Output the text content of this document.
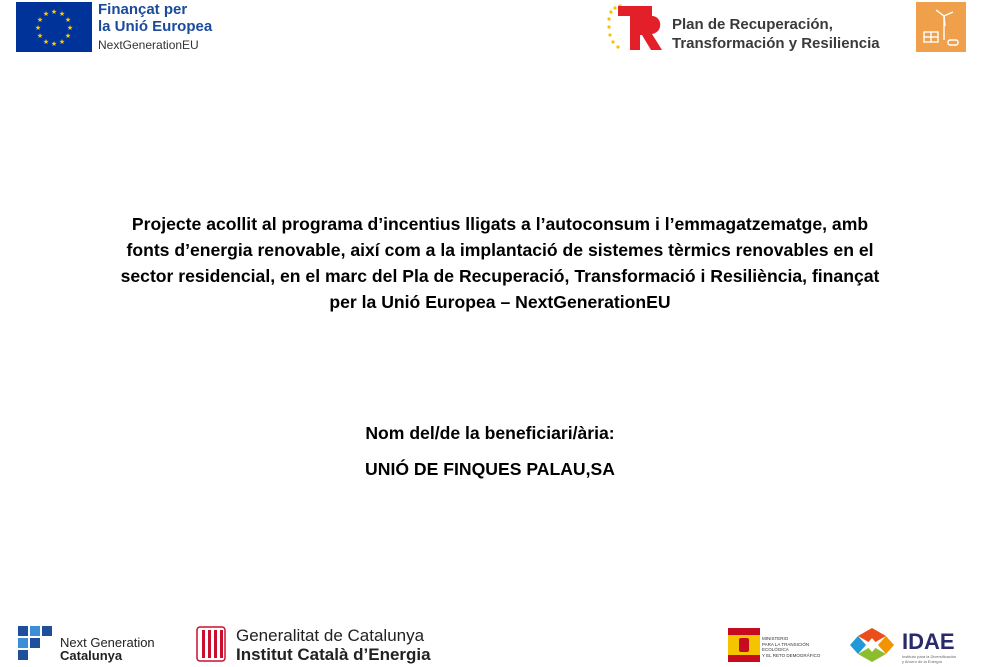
★ ★
★
★
★
★
★
★
★
★
★
★	Finançat per
la Unió Europea
NextGenerationEU
Plan de Recuperación,
Transformación y Resiliencia
Projecte acollit al programa d’incentius lligats a l’autoconsum i l’emmagatzematge, amb
fonts d’energia renovable, així com a la implantació de sistemes tèrmics renovables en el
sector residencial, en el marc del Pla de Recuperació, Transformació i Resiliència, finançat
per la Unió Europea – NextGenerationEU
Nom del/de la beneficiari/ària:
UNIÓ DE FINQUES PALAU,SA
Next Generation
Catalunya
Generalitat de Catalunya
Institut Català d’Energia
MINISTERIO
PARA LA TRANSICIÓN ECOLÓGICA
Y EL RETO DEMOGRÁFICO
IDAE
Instituto para la Diversificación
y Ahorro de la Energía
